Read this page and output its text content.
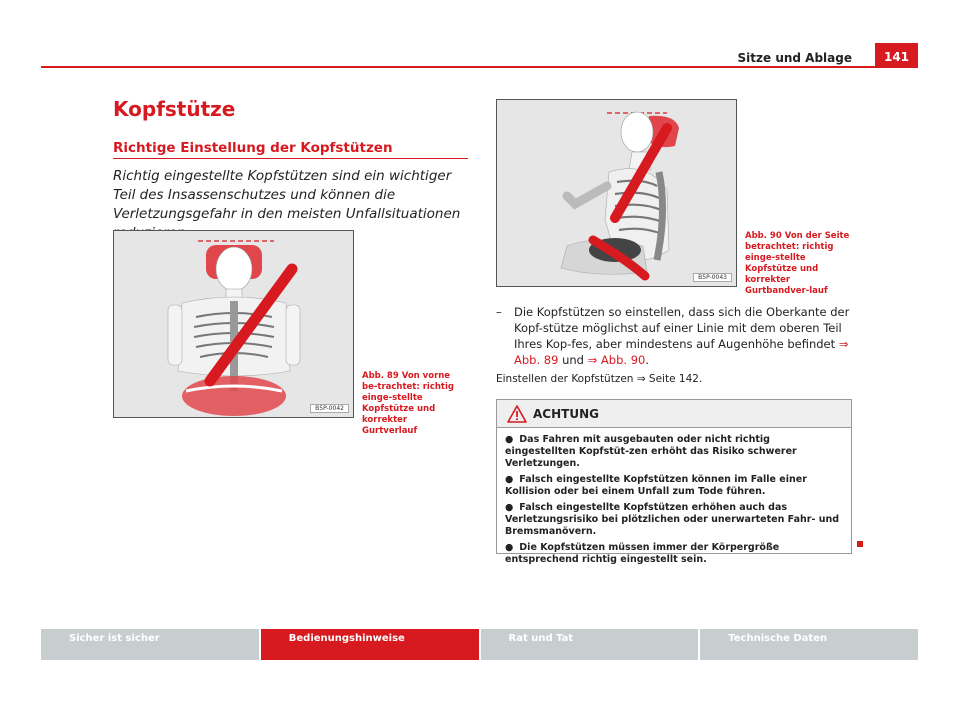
Sitze und Ablage	141
Kopfstütze
Richtige Einstellung der Kopfstützen

Richtig eingestellte Kopfstützen sind ein wichtiger Teil des Insassenschutzes und können die Verletzungsgefahr in den meisten Unfallsituationen

B5P-0042
Abb. 89 Von vorne be-trachtet: richtig einge-stellte Kopfstütze und korrekter Gurtverlauf
B5P-0043
Abb. 90 Von der Seite betrachtet: richtig einge-stellte Kopfstütze und korrekter Gurtbandver-lauf
–	Die Kopfstützen so einstellen, dass sich die Oberkante der Kopf-stütze möglichst auf einer Linie mit dem oberen Teil Ihres Kop-fes, aber mindestens auf Augenhöhe befindet ⇒ Abb. 89 und ⇒ Abb. 90.
Einstellen der Kopfstützen ⇒ Seite 142.
ACHTUNG
● Das Fahren mit ausgebauten oder nicht richtig eingestellten Kopfstüt-zen erhöht das Risiko schwerer Verletzungen.
● Falsch eingestellte Kopfstützen können im Falle einer Kollision oder bei einem Unfall zum Tode führen.
● Falsch eingestellte Kopfstützen erhöhen auch das Verletzungsrisiko bei plötzlichen oder unerwarteten Fahr- und Bremsmanövern.
● Die Kopfstützen müssen immer der Körpergröße entsprechend richtig eingestellt sein.
Sicher ist sicher	Bedienungshinweise	Rat und Tat	Technische Daten
